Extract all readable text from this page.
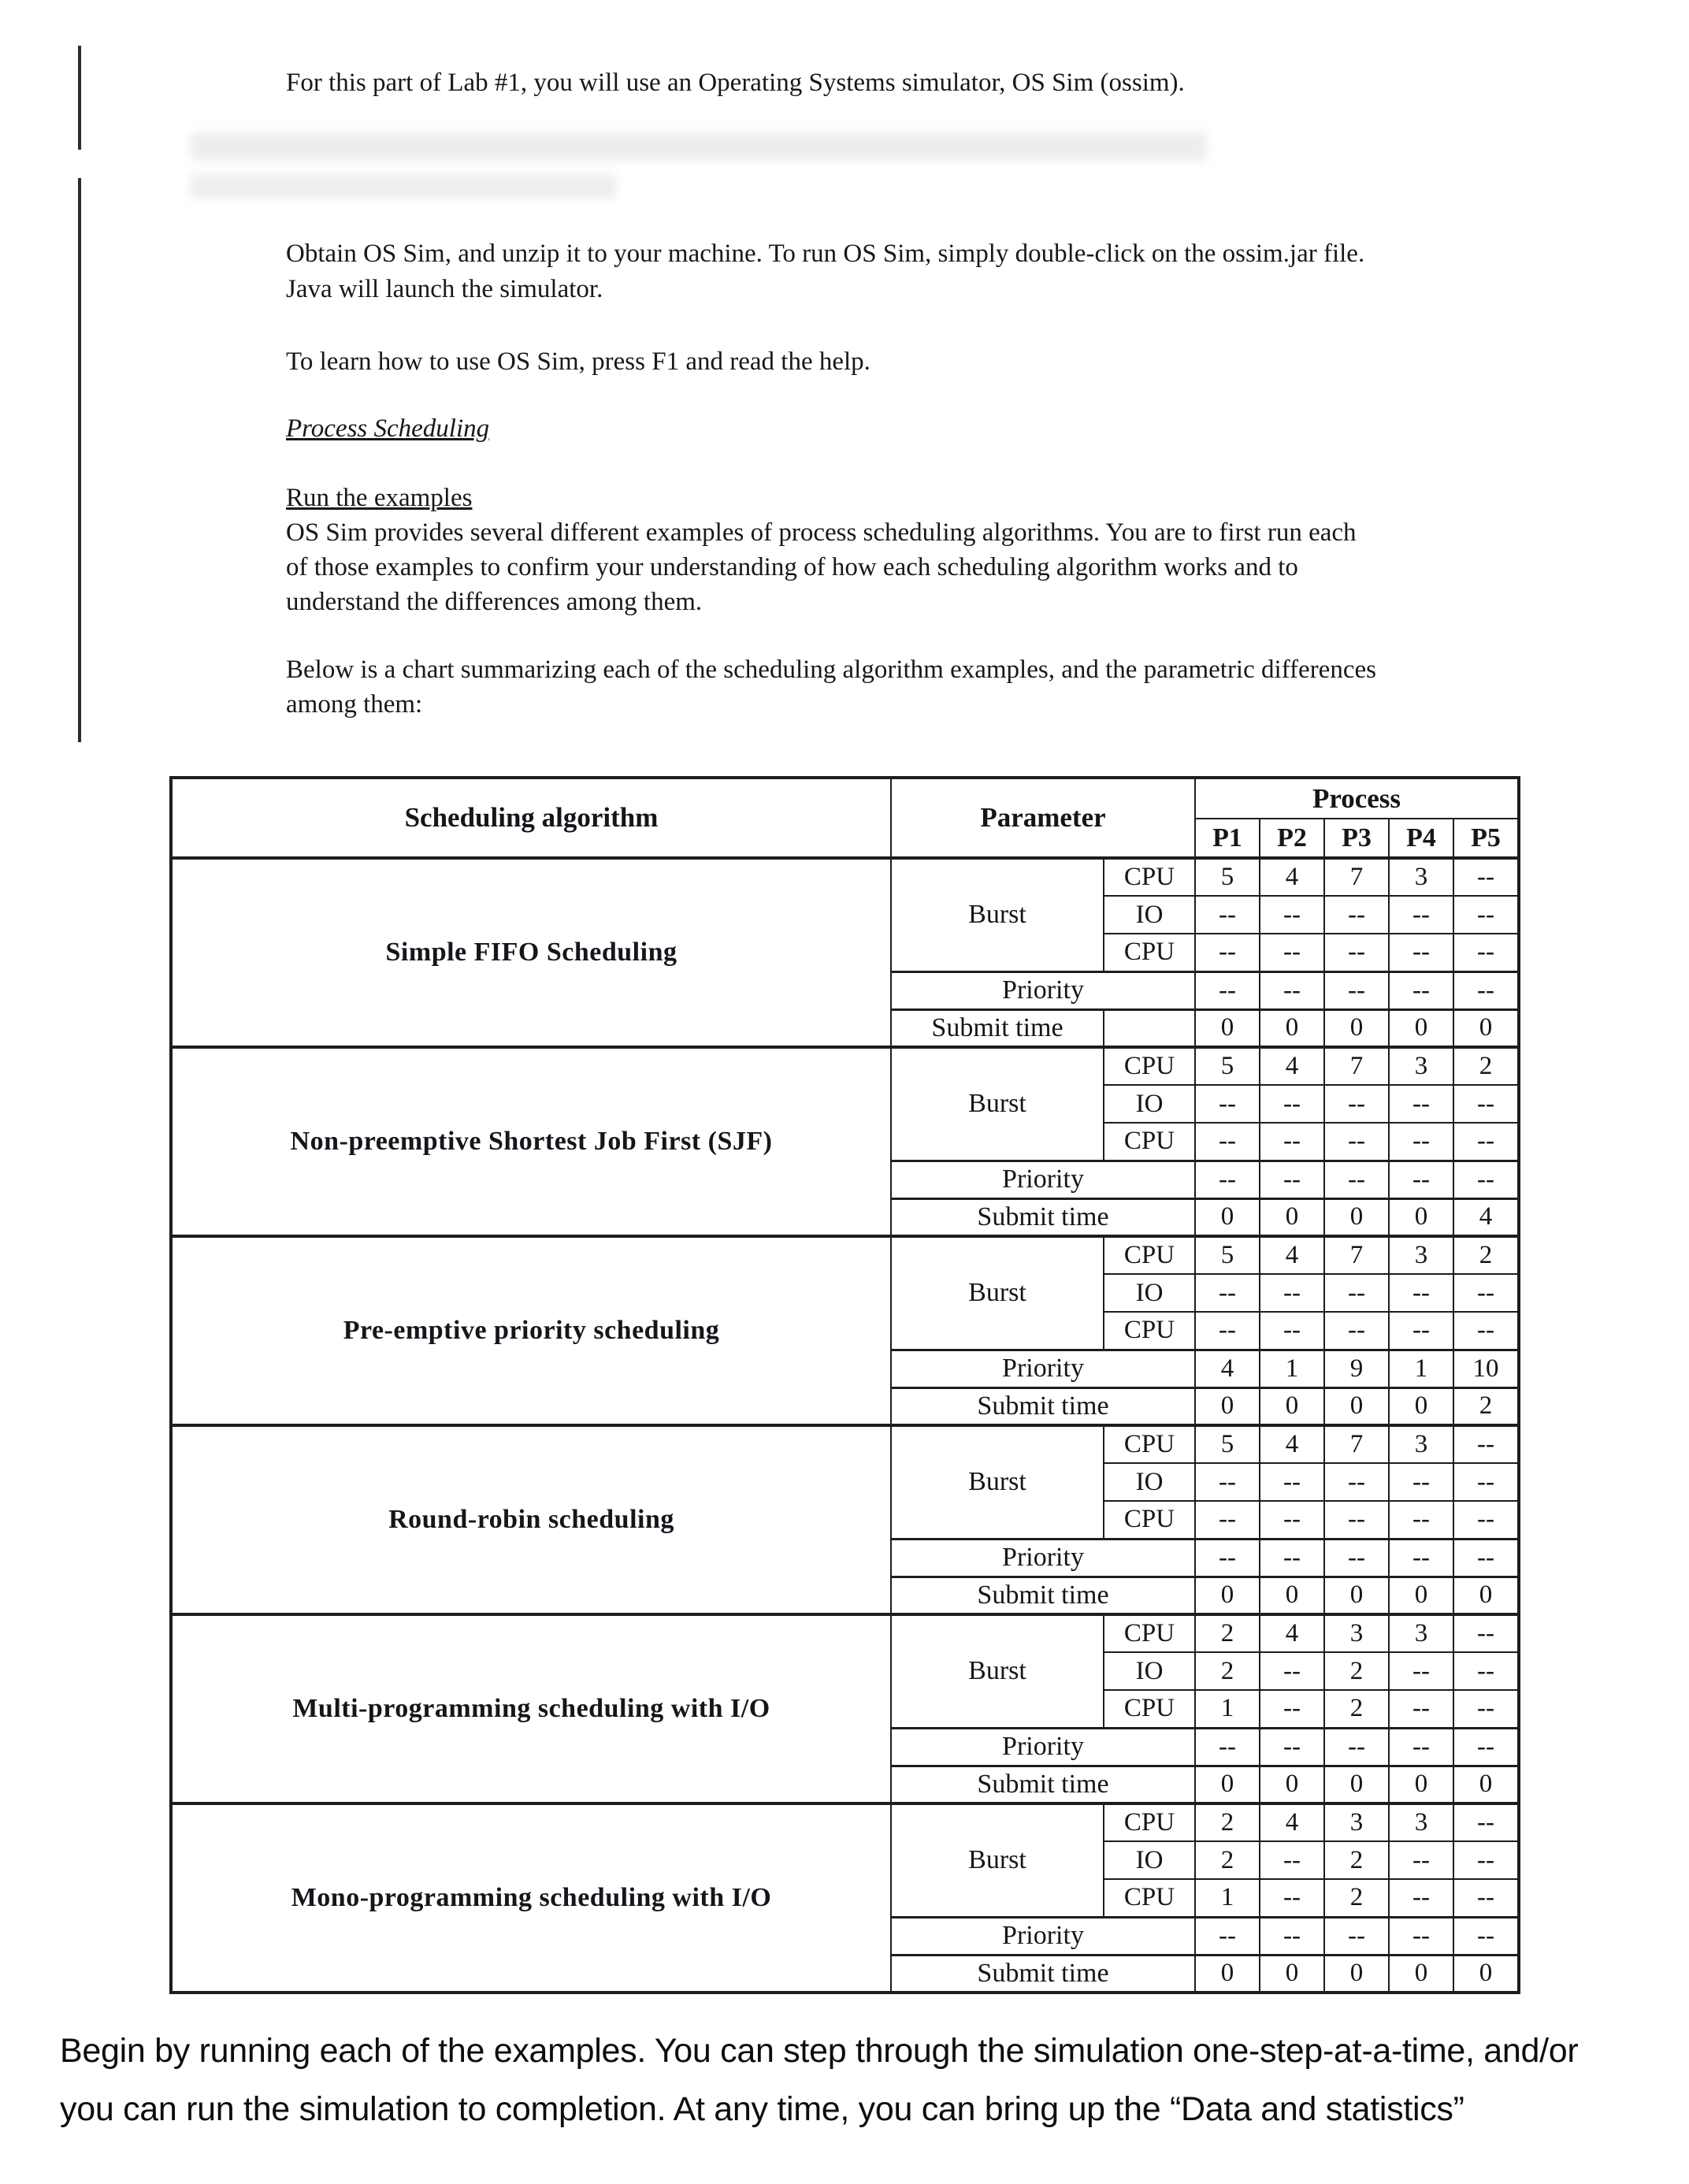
For this part of Lab #1, you will use an Operating Systems simulator, OS Sim (ossim).
Obtain OS Sim, and unzip it to your machine. To run OS Sim, simply double-click on the ossim.jar file.
Java will launch the simulator.
To learn how to use OS Sim, press F1 and read the help.
Process Scheduling
Run the examples
OS Sim provides several different examples of process scheduling algorithms. You are to first run each
of those examples to confirm your understanding of how each scheduling algorithm works and to
understand the differences among them.
Below is a chart summarizing each of the scheduling algorithm examples, and the parametric differences
among them:
Scheduling algorithm	Parameter		Process				
			P1	P2	P3	P4	P5
Simple FIFO Scheduling	Burst	CPU	5	4	7	3	--
		IO	--	--	--	--	--
		CPU	--	--	--	--	--
	Priority		--	--	--	--	--
	Submit time		0	0	0	0	0
Non-preemptive Shortest Job First (SJF)	Burst	CPU	5	4	7	3	2
		IO	--	--	--	--	--
		CPU	--	--	--	--	--
	Priority		--	--	--	--	--
	Submit time		0	0	0	0	4
Pre-emptive priority scheduling	Burst	CPU	5	4	7	3	2
		IO	--	--	--	--	--
		CPU	--	--	--	--	--
	Priority		4	1	9	1	10
	Submit time		0	0	0	0	2
Round-robin scheduling	Burst	CPU	5	4	7	3	--
		IO	--	--	--	--	--
		CPU	--	--	--	--	--
	Priority		--	--	--	--	--
	Submit time		0	0	0	0	0
Multi-programming scheduling with I/O	Burst	CPU	2	4	3	3	--
		IO	2	--	2	--	--
		CPU	1	--	2	--	--
	Priority		--	--	--	--	--
	Submit time		0	0	0	0	0
Mono-programming scheduling with I/O	Burst	CPU	2	4	3	3	--
		IO	2	--	2	--	--
		CPU	1	--	2	--	--
	Priority		--	--	--	--	--
	Submit time		0	0	0	0	0
Begin by running each of the examples. You can step through the simulation one-step-at-a-time, and/or
you can run the simulation to completion. At any time, you can bring up the “Data and statistics”
